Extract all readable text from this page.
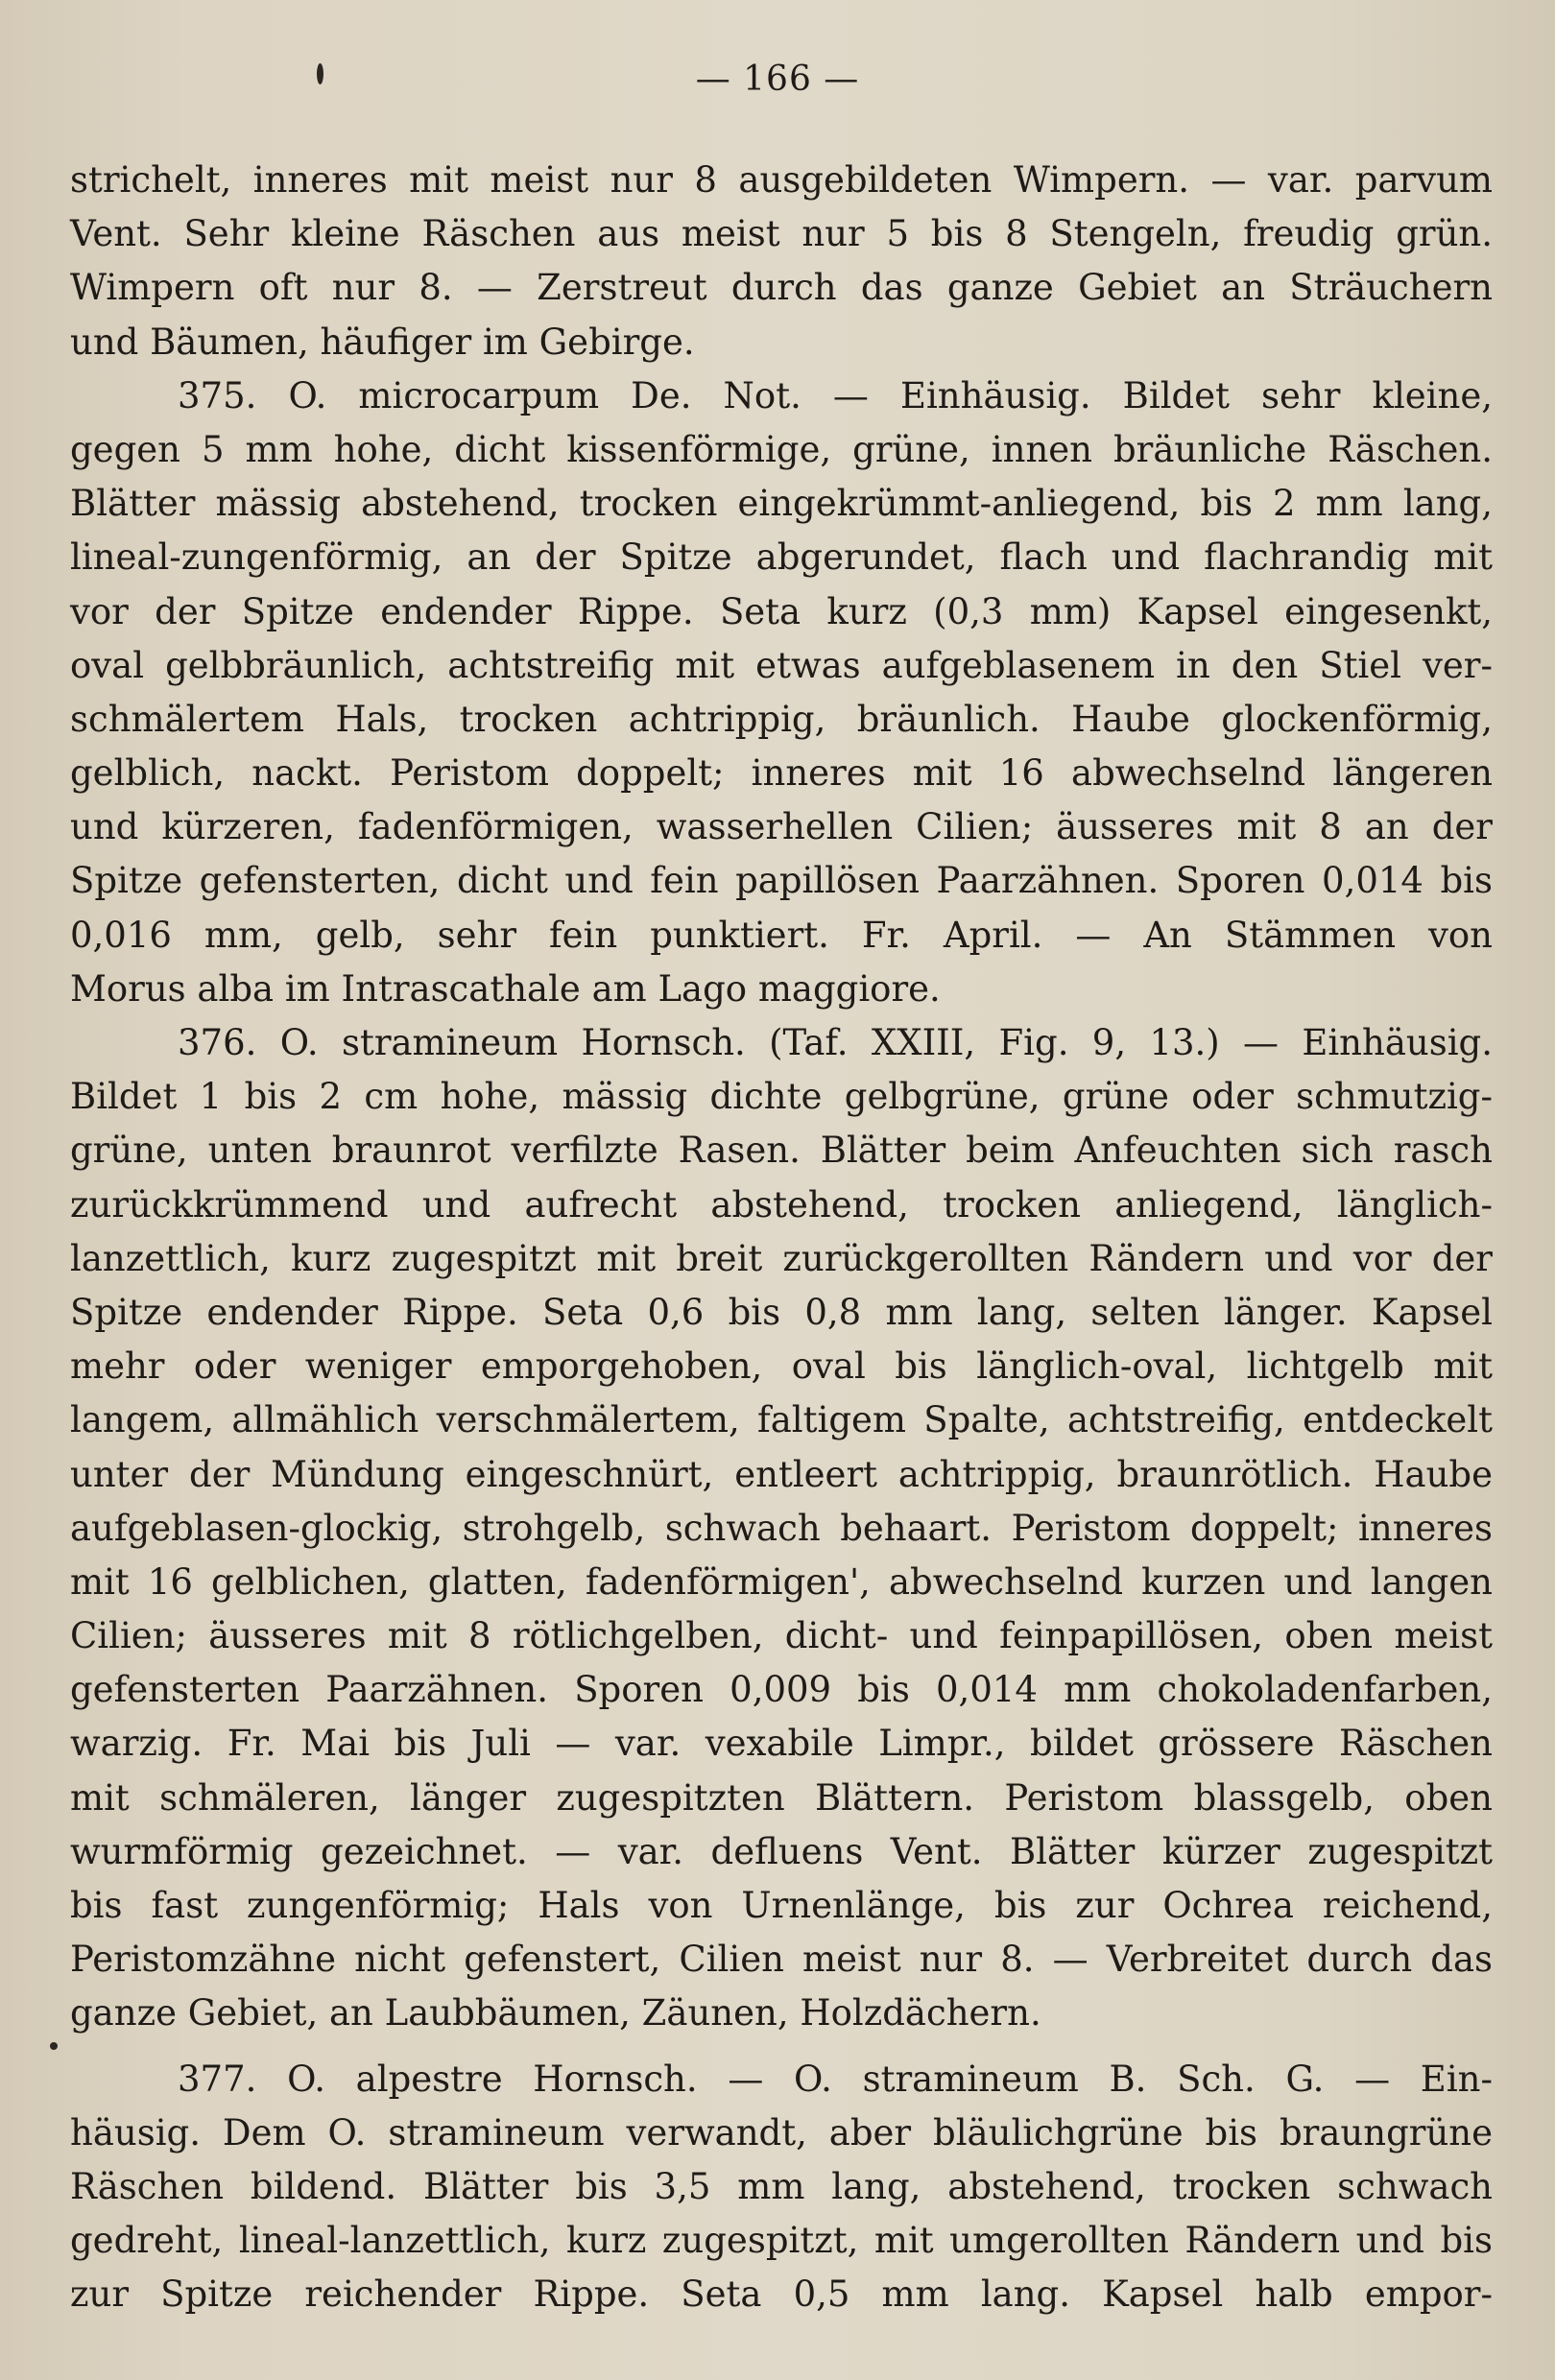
— 166 —
strichelt, inneres mit meist nur 8 ausgebildeten Wimpern. — var. parvum
Vent. Sehr kleine Räschen aus meist nur 5 bis 8 Stengeln, freudig grün.
Wimpern oft nur 8. — Zerstreut durch das ganze Gebiet an Sträuchern
und Bäumen, häufiger im Gebirge.
375. O. microcarpum De. Not. — Einhäusig. Bildet sehr kleine,
gegen 5 mm hohe, dicht kissenförmige, grüne, innen bräunliche Räschen.
Blätter mässig abstehend, trocken eingekrümmt-anliegend, bis 2 mm lang,
lineal-zungenförmig, an der Spitze abgerundet, flach und flachrandig mit
vor der Spitze endender Rippe. Seta kurz (0,3 mm) Kapsel eingesenkt,
oval gelbbräunlich, achtstreifig mit etwas aufgeblasenem in den Stiel ver-
schmälertem Hals, trocken achtrippig, bräunlich. Haube glockenförmig,
gelblich, nackt. Peristom doppelt; inneres mit 16 abwechselnd längeren
und kürzeren, fadenförmigen, wasserhellen Cilien; äusseres mit 8 an der
Spitze gefensterten, dicht und fein papillösen Paarzähnen. Sporen 0,014 bis
0,016 mm, gelb, sehr fein punktiert. Fr. April. — An Stämmen von
Morus alba im Intrascathale am Lago maggiore.
376. O. stramineum Hornsch. (Taf. XXIII, Fig. 9, 13.) — Einhäusig.
Bildet 1 bis 2 cm hohe, mässig dichte gelbgrüne, grüne oder schmutzig-
grüne, unten braunrot verfilzte Rasen. Blätter beim Anfeuchten sich rasch
zurückkrümmend und aufrecht abstehend, trocken anliegend, länglich-
lanzettlich, kurz zugespitzt mit breit zurückgerollten Rändern und vor der
Spitze endender Rippe. Seta 0,6 bis 0,8 mm lang, selten länger. Kapsel
mehr oder weniger emporgehoben, oval bis länglich-oval, lichtgelb mit
langem, allmählich verschmälertem, faltigem Spalte, achtstreifig, entdeckelt
unter der Mündung eingeschnürt, entleert achtrippig, braunrötlich. Haube
aufgeblasen-glockig, strohgelb, schwach behaart. Peristom doppelt; inneres
mit 16 gelblichen, glatten, fadenförmigen', abwechselnd kurzen und langen
Cilien; äusseres mit 8 rötlichgelben, dicht- und feinpapillösen, oben meist
gefensterten Paarzähnen. Sporen 0,009 bis 0,014 mm chokoladenfarben,
warzig. Fr. Mai bis Juli — var. vexabile Limpr., bildet grössere Räschen
mit schmäleren, länger zugespitzten Blättern. Peristom blassgelb, oben
wurmförmig gezeichnet. — var. defluens Vent. Blätter kürzer zugespitzt
bis fast zungenförmig; Hals von Urnenlänge, bis zur Ochrea reichend,
Peristomzähne nicht gefenstert, Cilien meist nur 8. — Verbreitet durch das
ganze Gebiet, an Laubbäumen, Zäunen, Holzdächern.
377. O. alpestre Hornsch. — O. stramineum B. Sch. G. — Ein-
häusig. Dem O. stramineum verwandt, aber bläulichgrüne bis braungrüne
Räschen bildend. Blätter bis 3,5 mm lang, abstehend, trocken schwach
gedreht, lineal-lanzettlich, kurz zugespitzt, mit umgerollten Rändern und bis
zur Spitze reichender Rippe. Seta 0,5 mm lang. Kapsel halb empor-
